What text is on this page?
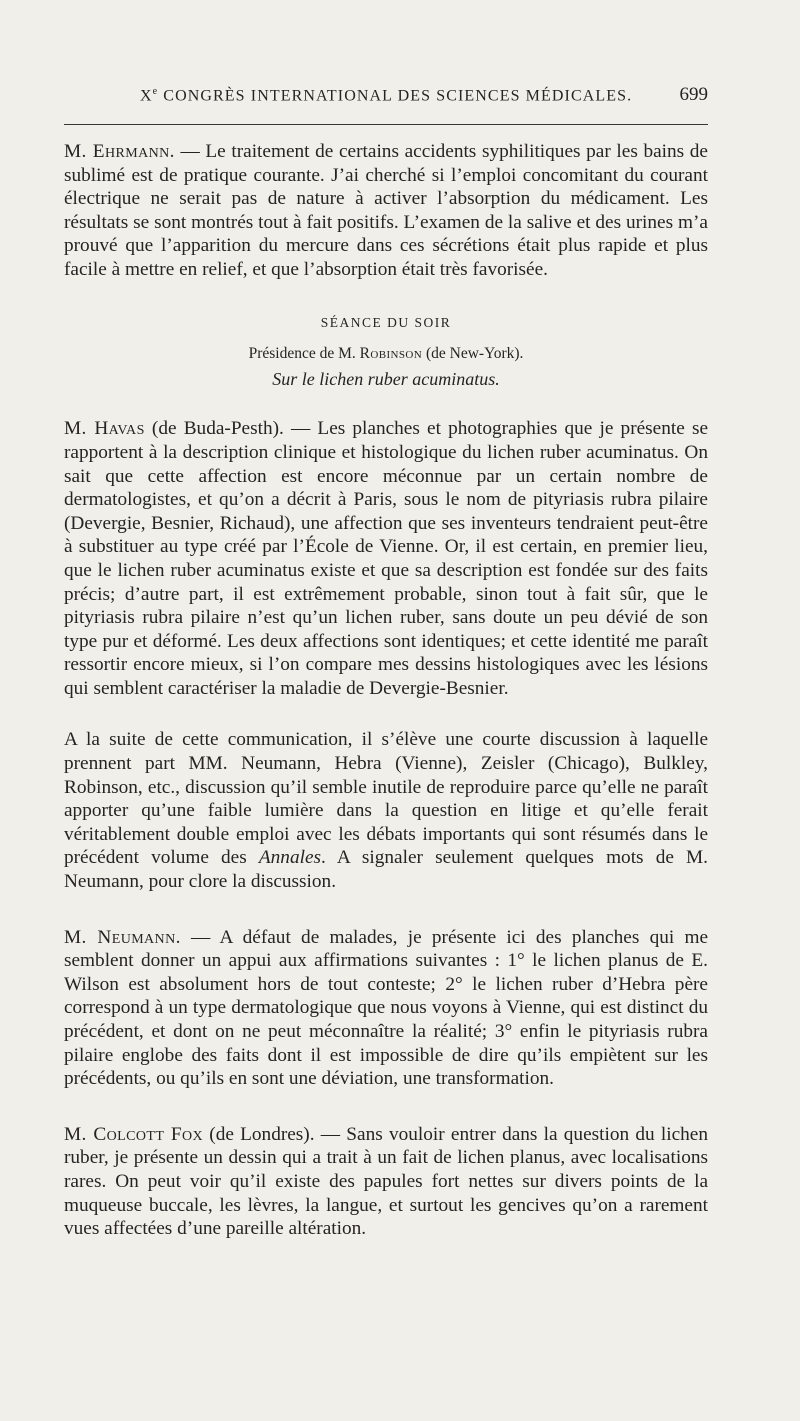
Xe CONGRÈS INTERNATIONAL DES SCIENCES MÉDICALES. 699

M. Ehrmann. — Le traitement de certains accidents syphilitiques par les bains de sublimé est de pratique courante. J’ai cherché si l’emploi concomitant du courant électrique ne serait pas de nature à activer l’absorption du médicament. Les résultats se sont montrés tout à fait positifs. L’examen de la salive et des urines m’a prouvé que l’apparition du mercure dans ces sécrétions était plus rapide et plus facile à mettre en relief, et que l’absorption était très favorisée.

SÉANCE DU SOIR
Présidence de M. Robinson (de New-York).
Sur le lichen ruber acuminatus.

M. Havas (de Buda-Pesth). — Les planches et photographies que je présente se rapportent à la description clinique et histologique du lichen ruber acuminatus. On sait que cette affection est encore méconnue par un certain nombre de dermatologistes, et qu’on a décrit à Paris, sous le nom de pityriasis rubra pilaire (Devergie, Besnier, Richaud), une affection que ses inventeurs tendraient peut-être à substituer au type créé par l’École de Vienne. Or, il est certain, en premier lieu, que le lichen ruber acuminatus existe et que sa description est fondée sur des faits précis; d’autre part, il est extrêmement probable, sinon tout à fait sûr, que le pityriasis rubra pilaire n’est qu’un lichen ruber, sans doute un peu dévié de son type pur et déformé. Les deux affections sont identiques; et cette identité me paraît ressortir encore mieux, si l’on compare mes dessins histologiques avec les lésions qui semblent caractériser la maladie de Devergie-Besnier.

A la suite de cette communication, il s’élève une courte discussion à laquelle prennent part MM. Neumann, Hebra (Vienne), Zeisler (Chicago), Bulkley, Robinson, etc., discussion qu’il semble inutile de reproduire parce qu’elle ne paraît apporter qu’une faible lumière dans la question en litige et qu’elle ferait véritablement double emploi avec les débats importants qui sont résumés dans le précédent volume des Annales. A signaler seulement quelques mots de M. Neumann, pour clore la discussion.

M. Neumann. — A défaut de malades, je présente ici des planches qui me semblent donner un appui aux affirmations suivantes : 1° le lichen planus de E. Wilson est absolument hors de tout conteste; 2° le lichen ruber d’Hebra père correspond à un type dermatologique que nous voyons à Vienne, qui est distinct du précédent, et dont on ne peut méconnaître la réalité; 3° enfin le pityriasis rubra pilaire englobe des faits dont il est impossible de dire qu’ils empiètent sur les précédents, ou qu’ils en sont une déviation, une transformation.

M. Colcott Fox (de Londres). — Sans vouloir entrer dans la question du lichen ruber, je présente un dessin qui a trait à un fait de lichen planus, avec localisations rares. On peut voir qu’il existe des papules fort nettes sur divers points de la muqueuse buccale, les lèvres, la langue, et surtout les gencives qu’on a rarement vues affectées d’une pareille altération.
